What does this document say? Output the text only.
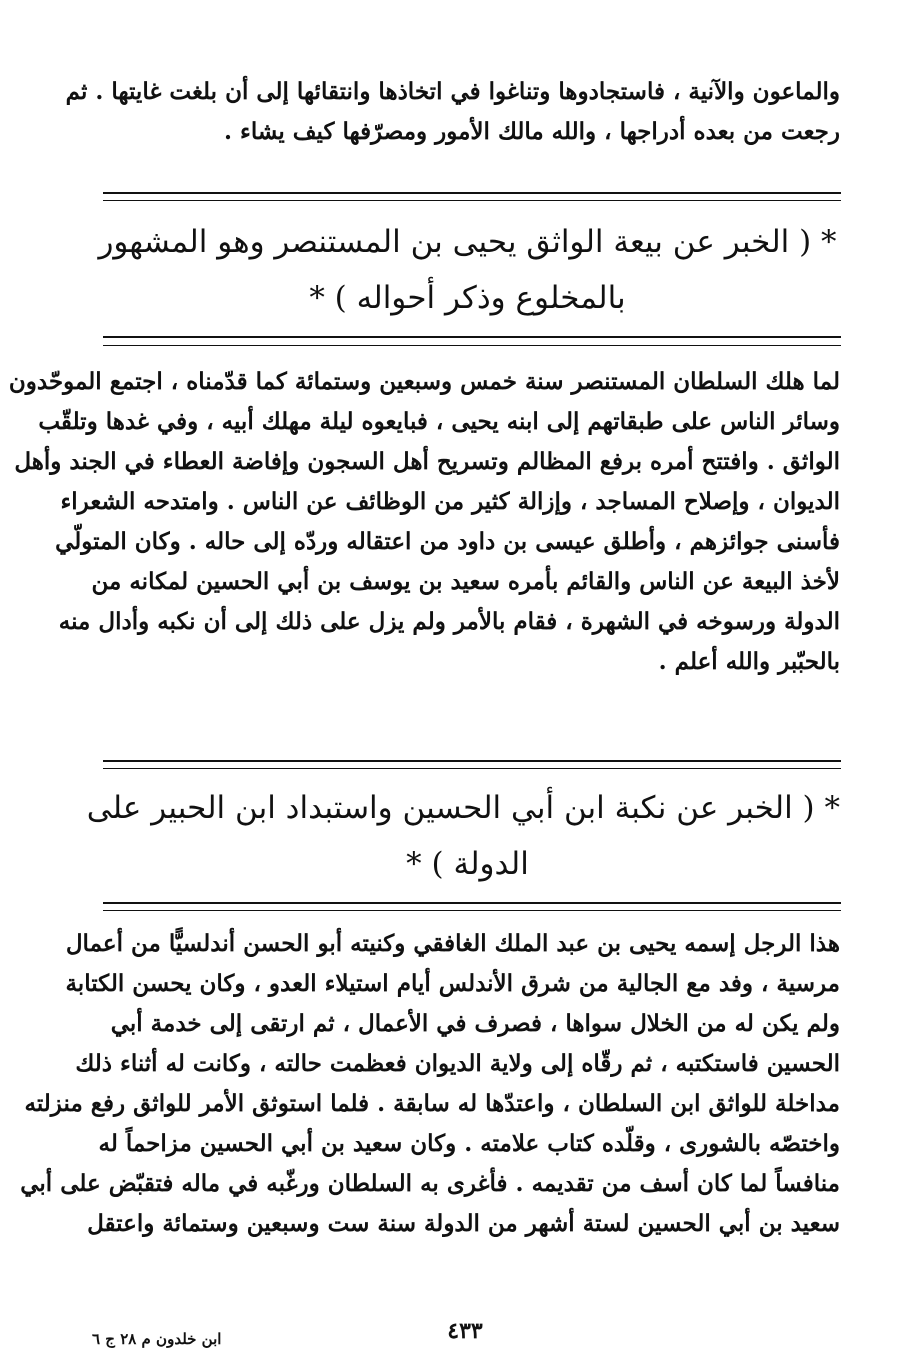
والماعون والآنية ، فاستجادوها وتناغوا في اتخاذها وانتقائها إلى أن بلغت غايتها . ثم
رجعت من بعده أدراجها ، والله مالك الأمور ومصرّفها كيف يشاء .
* ( الخبر عن بيعة الواثق يحيى بن المستنصر وهو المشهور
بالمخلوع وذكر أحواله ) *
لما هلك السلطان المستنصر سنة خمس وسبعين وستمائة كما قدّمناه ، اجتمع الموحّدون
وسائر الناس على طبقاتهم إلى ابنه يحيى ، فبايعوه ليلة مهلك أبيه ، وفي غدها وتلقّب
الواثق . وافتتح أمره برفع المظالم وتسريح أهل السجون وإفاضة العطاء في الجند وأهل
الديوان ، وإصلاح المساجد ، وإزالة كثير من الوظائف عن الناس . وامتدحه الشعراء
فأسنى جوائزهم ، وأطلق عيسى بن داود من اعتقاله وردّه إلى حاله . وكان المتولّي
لأخذ البيعة عن الناس والقائم بأمره سعيد بن يوسف بن أبي الحسين لمكانه من
الدولة ورسوخه في الشهرة ، فقام بالأمر ولم يزل على ذلك إلى أن نكبه وأدال منه
بالحبّبر والله أعلم .
* ( الخبر عن نكبة ابن أبي الحسين واستبداد ابن الحبير على
الدولة ) *
هذا الرجل إسمه يحيى بن عبد الملك الغافقي وكنيته أبو الحسن أندلسيًّا من أعمال
مرسية ، وفد مع الجالية من شرق الأندلس أيام استيلاء العدو ، وكان يحسن الكتابة
ولم يكن له من الخلال سواها ، فصرف في الأعمال ، ثم ارتقى إلى خدمة أبي
الحسين فاستكتبه ، ثم رقّاه إلى ولاية الديوان فعظمت حالته ، وكانت له أثناء ذلك
مداخلة للواثق ابن السلطان ، واعتدّها له سابقة . فلما استوثق الأمر للواثق رفع منزلته
واختصّه بالشورى ، وقلّده كتاب علامته . وكان سعيد بن أبي الحسين مزاحماً له
منافساً لما كان أسف من تقديمه . فأغرى به السلطان ورغّبه في ماله فتقبّض على أبي
سعيد بن أبي الحسين لستة أشهر من الدولة سنة ست وسبعين وستمائة واعتقل
٤٣٣
ابن خلدون م ٢٨ ج ٦
